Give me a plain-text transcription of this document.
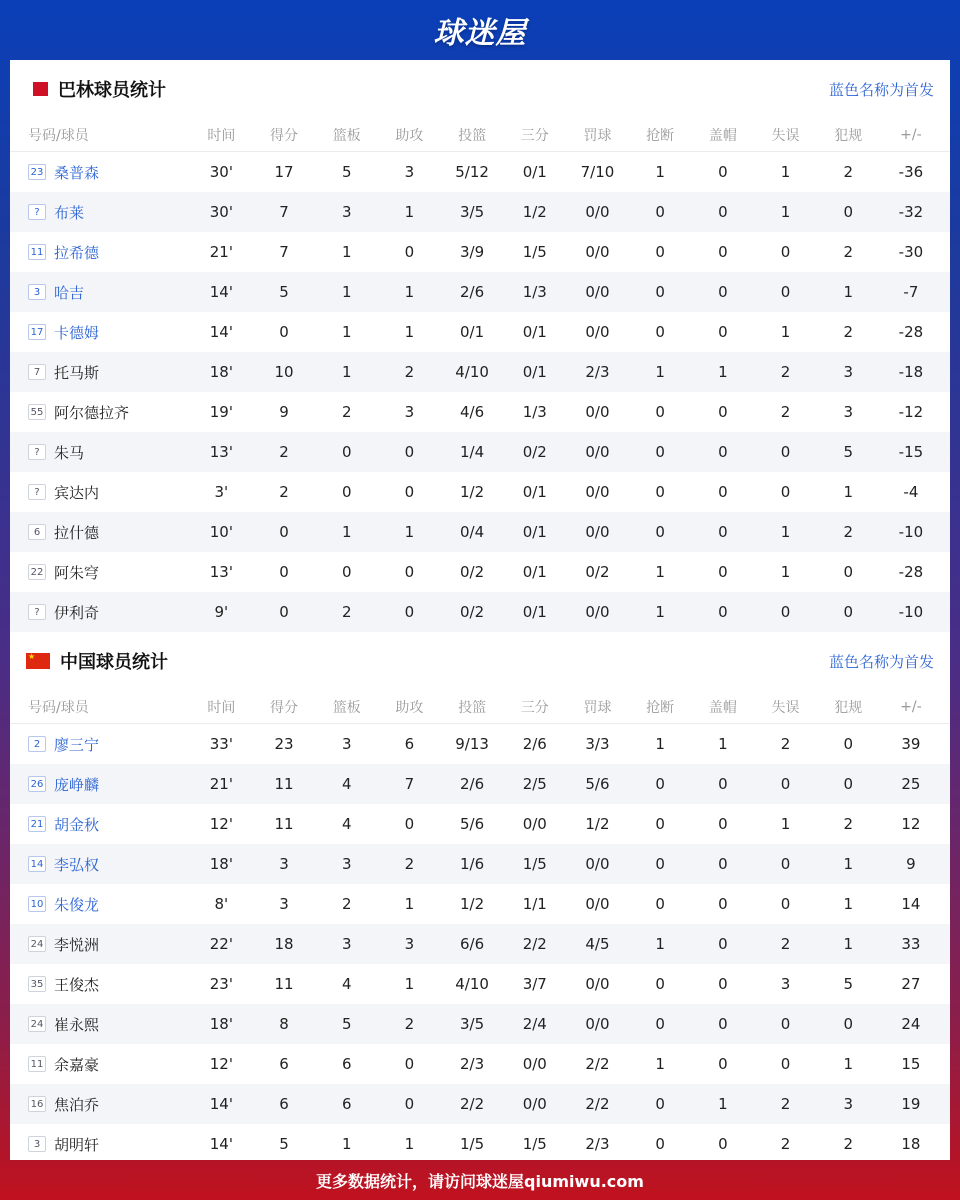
球迷屋
巴林球员统计	蓝色名称为首发
号码/球员	时间	得分	篮板	助攻	投篮	三分	罚球	抢断	盖帽	失误	犯规	+/-
23 桑普森	30'	17	5	3	5/12	0/1	7/10	1	0	1	2	-36
? 布莱	30'	7	3	1	3/5	1/2	0/0	0	0	1	0	-32
11 拉希德	21'	7	1	0	3/9	1/5	0/0	0	0	0	2	-30
3 哈吉	14'	5	1	1	2/6	1/3	0/0	0	0	0	1	-7
17 卡德姆	14'	0	1	1	0/1	0/1	0/0	0	0	1	2	-28
7 托马斯	18'	10	1	2	4/10	0/1	2/3	1	1	2	3	-18
55 阿尔德拉齐	19'	9	2	3	4/6	1/3	0/0	0	0	2	3	-12
? 朱马	13'	2	0	0	1/4	0/2	0/0	0	0	0	5	-15
? 宾达内	3'	2	0	0	1/2	0/1	0/0	0	0	0	1	-4
6 拉什德	10'	0	1	1	0/4	0/1	0/0	0	0	1	2	-10
22 阿朱穹	13'	0	0	0	0/2	0/1	0/2	1	0	1	0	-28
? 伊利奇	9'	0	2	0	0/2	0/1	0/0	1	0	0	0	-10
★ 中国球员统计	蓝色名称为首发
号码/球员	时间	得分	篮板	助攻	投篮	三分	罚球	抢断	盖帽	失误	犯规	+/-
2 廖三宁	33'	23	3	6	9/13	2/6	3/3	1	1	2	0	39
26 庞峥麟	21'	11	4	7	2/6	2/5	5/6	0	0	0	0	25
21 胡金秋	12'	11	4	0	5/6	0/0	1/2	0	0	1	2	12
14 李弘权	18'	3	3	2	1/6	1/5	0/0	0	0	0	1	9
10 朱俊龙	8'	3	2	1	1/2	1/1	0/0	0	0	0	1	14
24 李悦洲	22'	18	3	3	6/6	2/2	4/5	1	0	2	1	33
35 王俊杰	23'	11	4	1	4/10	3/7	0/0	0	0	3	5	27
24 崔永熙	18'	8	5	2	3/5	2/4	0/0	0	0	0	0	24
11 余嘉豪	12'	6	6	0	2/3	0/0	2/2	1	0	0	1	15
16 焦泊乔	14'	6	6	0	2/2	0/0	2/2	0	1	2	3	19
3 胡明轩	14'	5	1	1	1/5	1/5	2/3	0	0	2	2	18
更多数据统计，请访问球迷屋qiumiwu.com
